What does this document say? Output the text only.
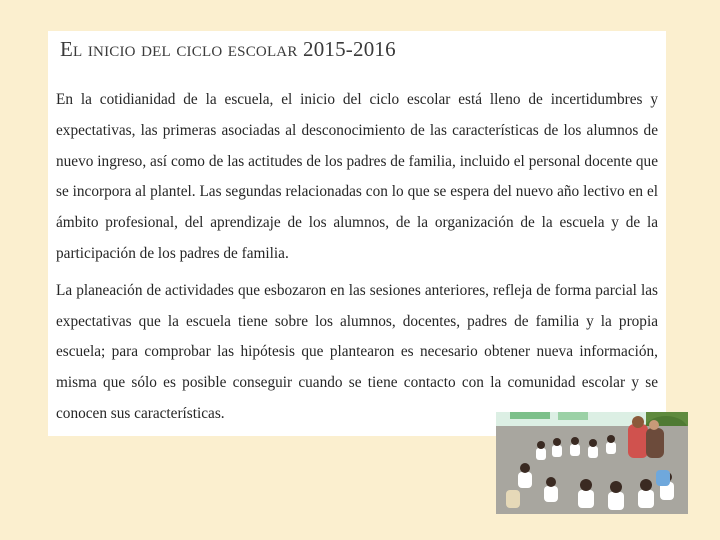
El inicio del ciclo escolar 2015-2016

En la cotidianidad de la escuela, el inicio del ciclo escolar está lleno de incertidumbres y expectativas, las primeras asociadas al desconocimiento de las características de los alumnos de nuevo ingreso, así como de las actitudes de los padres de familia, incluido el personal docente que se incorpora al plantel. Las segundas relacionadas con lo que se espera del nuevo año lectivo en el ámbito profesional, del aprendizaje de los alumnos, de la organización de la escuela y de la participación de los padres de familia.

La planeación de actividades que esbozaron en las sesiones anteriores, refleja de forma parcial las expectativas que la escuela tiene sobre los alumnos, docentes, padres de familia y la propia escuela; para comprobar las hipótesis que plantearon es necesario obtener nueva información, misma que sólo es posible conseguir cuando se tiene contacto con la comunidad escolar y se conocen sus características.
